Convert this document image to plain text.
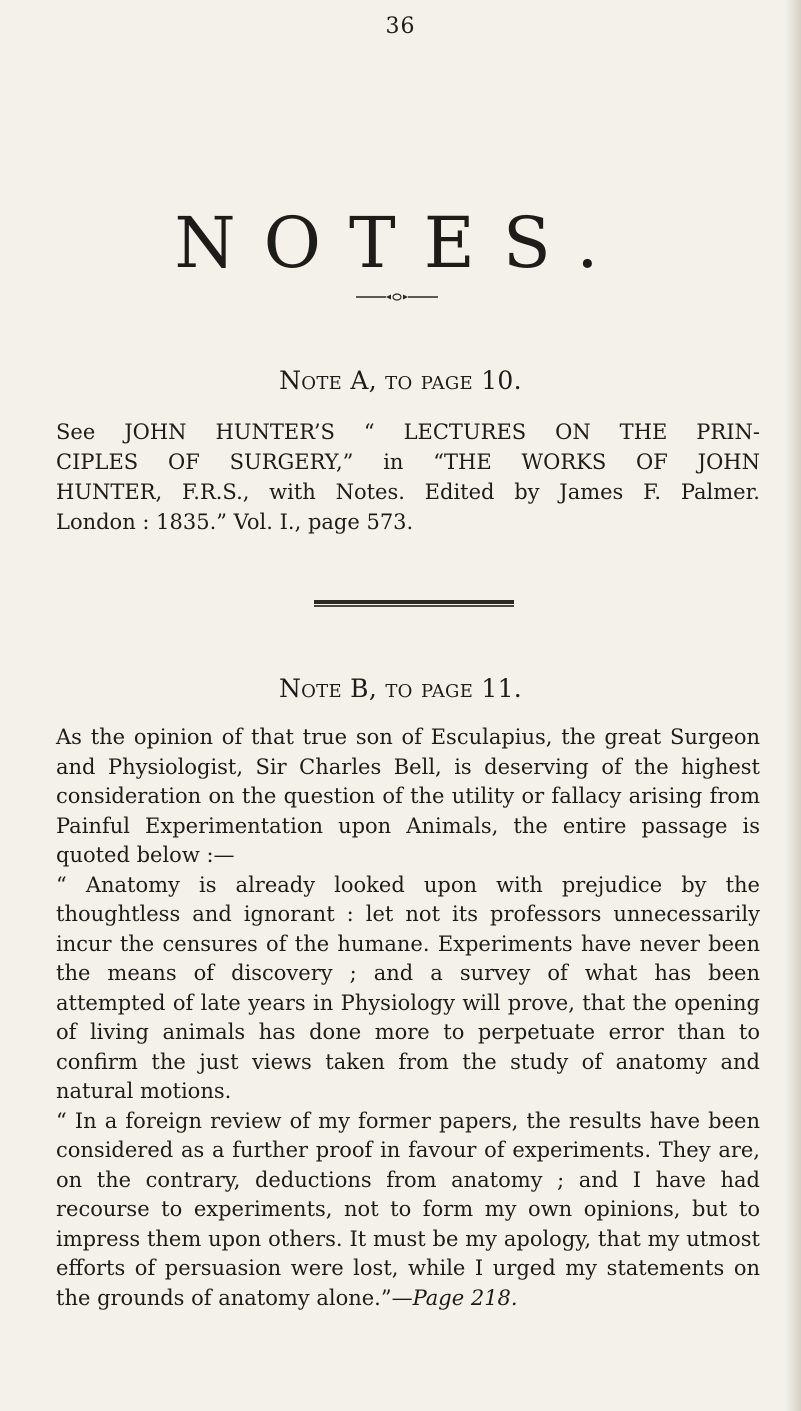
36
NOTES.
Note A, to page 10.

See JOHN HUNTER’S “ LECTURES ON THE PRIN-
CIPLES OF SURGERY,” in “THE WORKS OF JOHN
HUNTER, F.R.S., with Notes. Edited by James F. Palmer.
London : 1835.” Vol. I., page 573.

Note B, to page 11.

As the opinion of that true son of Esculapius, the great Surgeon and Physiologist, Sir Charles Bell, is deserving of the highest consideration on the question of the utility or fallacy arising from Painful Experimentation upon Animals, the entire passage is quoted below :—

“ Anatomy is already looked upon with prejudice by the thoughtless and ignorant : let not its professors unnecessarily incur the censures of the humane. Experiments have never been the means of discovery ; and a survey of what has been attempted of late years in Physiology will prove, that the opening of living animals has done more to perpetuate error than to confirm the just views taken from the study of anatomy and natural motions.

“ In a foreign review of my former papers, the results have been considered as a further proof in favour of experiments. They are, on the contrary, deductions from anatomy ; and I have had recourse to experiments, not to form my own opinions, but to impress them upon others. It must be my apology, that my utmost efforts of persuasion were lost, while I urged my statements on the grounds of anatomy alone.”—Page 218.
